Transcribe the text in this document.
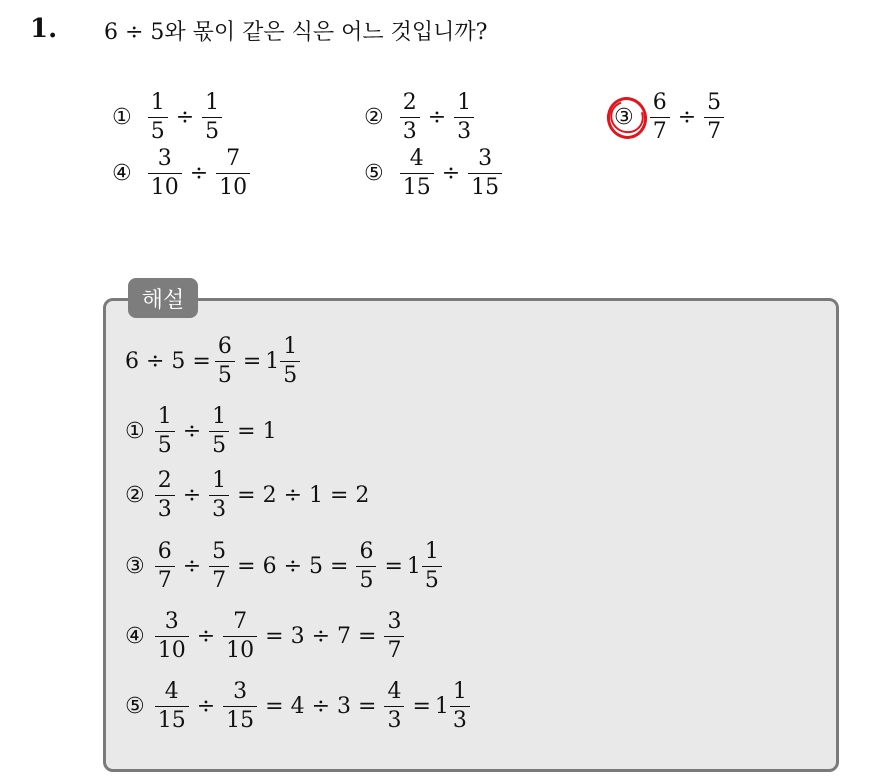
1. 6 ÷ 5와 몫이 같은 식은 어느 것입니까?
① $\frac{1}{5} \div \frac{1}{5}$	② $\frac{2}{3} \div \frac{1}{3}$	③ $\frac{6}{7} \div \frac{5}{7}$
④ $\frac{3}{10} \div \frac{7}{10}$	⑤ $\frac{4}{15} \div \frac{3}{15}$
해설
$6 \div 5 = \frac{6}{5} = 1 \frac{1}{5}$
① $\frac{1}{5} \div \frac{1}{5} = 1$
② $\frac{2}{3} \div \frac{1}{3} = 2 \div 1 = 2$
③ $\frac{6}{7} \div \frac{5}{7} = 6 \div 5 = \frac{6}{5} = 1 \frac{1}{5}$
④ $\frac{3}{10} \div \frac{7}{10} = 3 \div 7 = \frac{3}{7}$
⑤ $\frac{4}{15} \div \frac{3}{15} = 4 \div 3 = \frac{4}{3} = 1 \frac{1}{3}$
